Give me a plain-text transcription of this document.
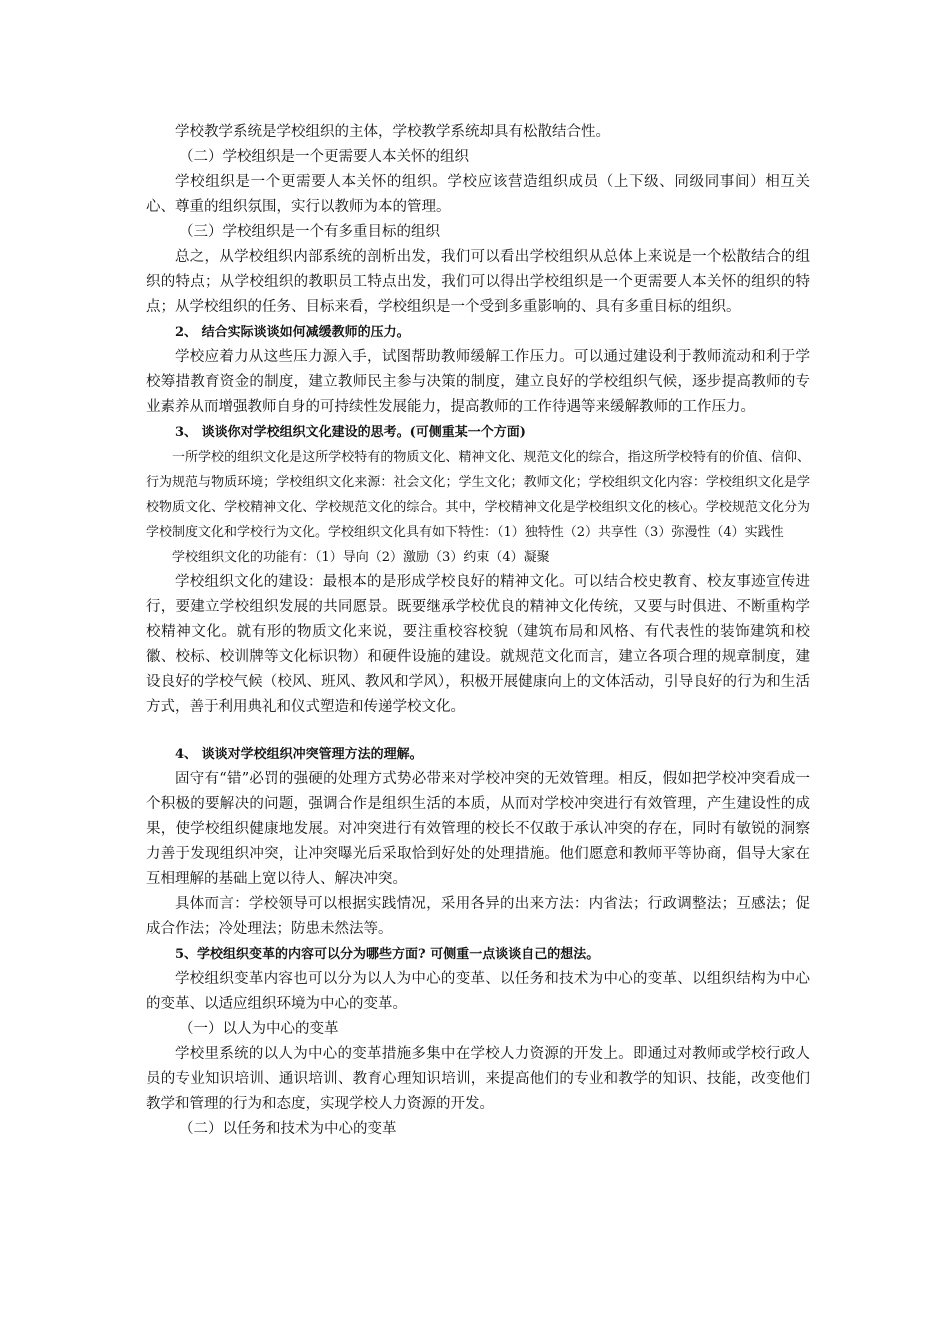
学校教学系统是学校组织的主体，学校教学系统却具有松散结合性。

（二）学校组织是一个更需要人本关怀的组织

学校组织是一个更需要人本关怀的组织。学校应该营造组织成员（上下级、同级同事间）相互关心、尊重的组织氛围，实行以教师为本的管理。

（三）学校组织是一个有多重目标的组织

总之，从学校组织内部系统的剖析出发，我们可以看出学校组织从总体上来说是一个松散结合的组织的特点；从学校组织的教职员工特点出发，我们可以得出学校组织是一个更需要人本关怀的组织的特点；从学校组织的任务、目标来看，学校组织是一个受到多重影响的、具有多重目标的组织。

2、 结合实际谈谈如何减缓教师的压力。

学校应着力从这些压力源入手，试图帮助教师缓解工作压力。可以通过建设利于教师流动和利于学校筹措教育资金的制度，建立教师民主参与决策的制度，建立良好的学校组织气候，逐步提高教师的专业素养从而增强教师自身的可持续性发展能力，提高教师的工作待遇等来缓解教师的工作压力。

3、 谈谈你对学校组织文化建设的思考。(可侧重某一个方面)

一所学校的组织文化是这所学校特有的物质文化、精神文化、规范文化的综合，指这所学校特有的价值、信仰、行为规范与物质环境；学校组织文化来源：社会文化；学生文化；教师文化；学校组织文化内容：学校组织文化是学校物质文化、学校精神文化、学校规范文化的综合。其中，学校精神文化是学校组织文化的核心。学校规范文化分为学校制度文化和学校行为文化。学校组织文化具有如下特性：（1）独特性（2）共享性（3）弥漫性（4）实践性

学校组织文化的功能有：（1）导向（2）激励（3）约束（4）凝聚

学校组织文化的建设：最根本的是形成学校良好的精神文化。可以结合校史教育、校友事迹宣传进行，要建立学校组织发展的共同愿景。既要继承学校优良的精神文化传统，又要与时俱进、不断重构学校精神文化。就有形的物质文化来说，要注重校容校貌（建筑布局和风格、有代表性的装饰建筑和校徽、校标、校训牌等文化标识物）和硬件设施的建设。就规范文化而言，建立各项合理的规章制度，建设良好的学校气候（校风、班风、教风和学风），积极开展健康向上的文体活动，引导良好的行为和生活方式，善于利用典礼和仪式塑造和传递学校文化。

4、 谈谈对学校组织冲突管理方法的理解。

固守有“错”必罚的强硬的处理方式势必带来对学校冲突的无效管理。相反，假如把学校冲突看成一个积极的要解决的问题，强调合作是组织生活的本质，从而对学校冲突进行有效管理，产生建设性的成果，使学校组织健康地发展。对冲突进行有效管理的校长不仅敢于承认冲突的存在，同时有敏锐的洞察力善于发现组织冲突，让冲突曝光后采取恰到好处的处理措施。他们愿意和教师平等协商，倡导大家在互相理解的基础上宽以待人、解决冲突。

具体而言：学校领导可以根据实践情况，采用各异的出来方法：内省法；行政调整法；互感法；促成合作法；冷处理法；防患未然法等。

5、学校组织变革的内容可以分为哪些方面? 可侧重一点谈谈自己的想法。

学校组织变革内容也可以分为以人为中心的变革、以任务和技术为中心的变革、以组织结构为中心的变革、以适应组织环境为中心的变革。

（一）以人为中心的变革

学校里系统的以人为中心的变革措施多集中在学校人力资源的开发上。即通过对教师或学校行政人员的专业知识培训、通识培训、教育心理知识培训，来提高他们的专业和教学的知识、技能，改变他们教学和管理的行为和态度，实现学校人力资源的开发。

（二）以任务和技术为中心的变革
